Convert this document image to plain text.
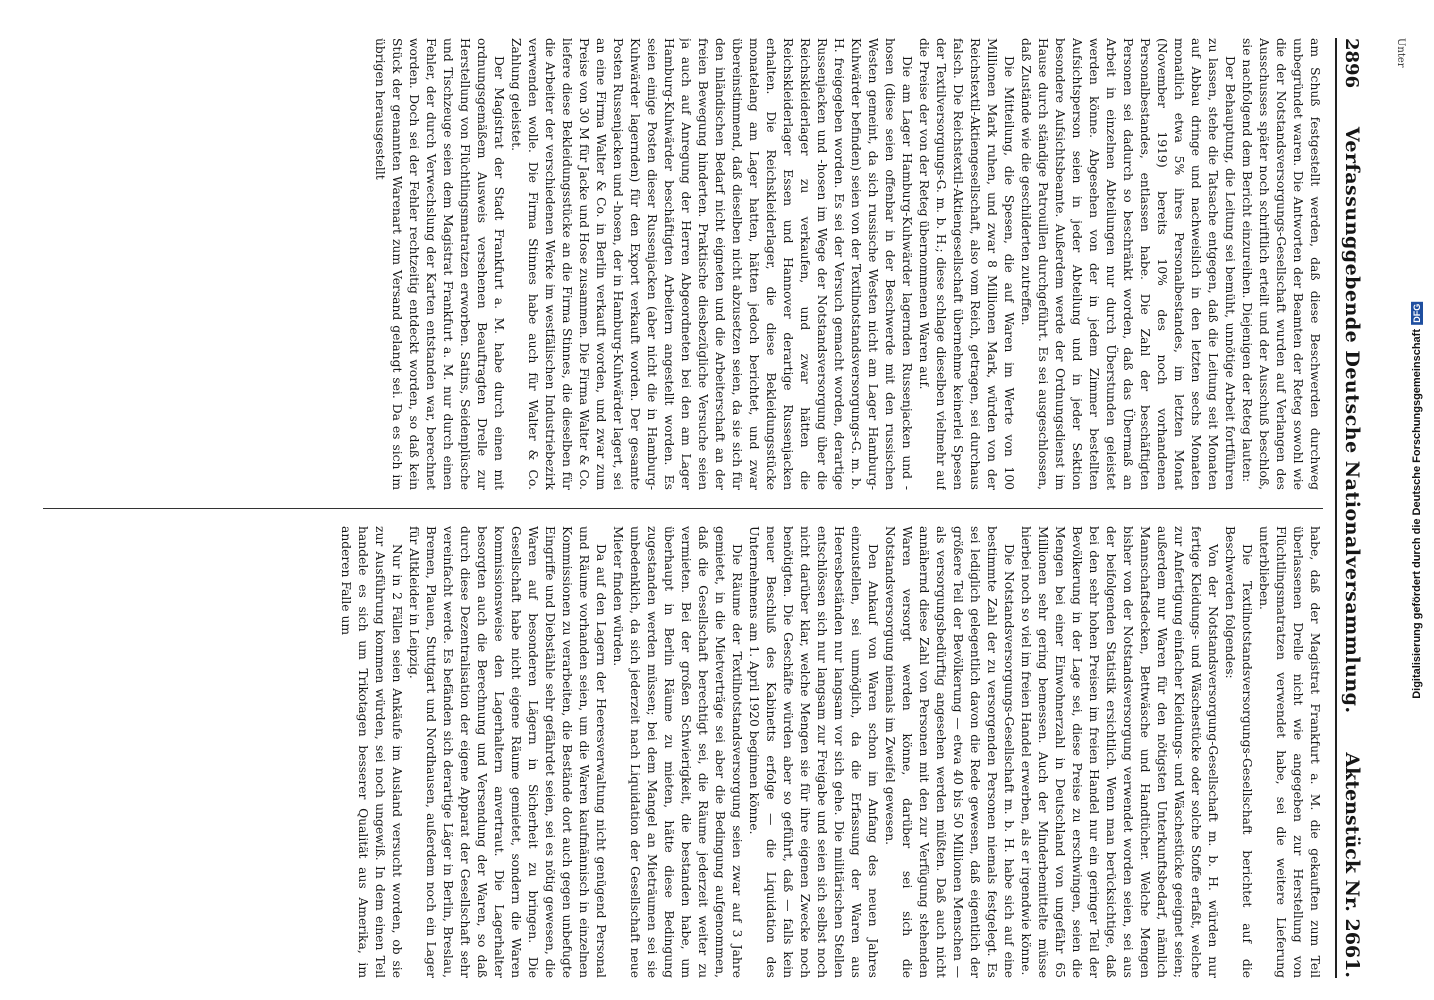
2896
Verfassunggebende Deutsche Nationalversammlung.
Aktenstück Nr. 2661.

am Schuß festgestellt werden, daß diese Beschwerden durchweg unbegründet waren. Die Antworten der Beamten der Reteg sowohl wie die der Notstandsversorgungs-Gesellschaft wurden auf Verlangen des Ausschusses später noch schriftlich erteilt und der Ausschuß beschloß, sie nachfolgend dem Bericht einzureihen. Diejenigen der Reteg lauten:

Der Behauptung, die Leitung sei bemüht, unnötige Arbeit fortführen zu lassen, stehe die Tatsache entgegen, daß die Leitung seit Monaten auf Abbau dringe und nachweislich in den letzten sechs Monaten monatlich etwa 5% ihres Personalbestandes, im letzten Monat (November 1919) bereits 10% des noch vorhandenen Personalbestandes, entlassen habe. Die Zahl der beschäftigten Personen sei dadurch so beschränkt worden, daß das Übermaß an Arbeit in einzelnen Abteilungen nur durch Überstunden geleistet werden könne. Abgesehen von der in jedem Zimmer bestellten Aufsichtsperson seien in jeder Abteilung und in jeder Sektion besondere Aufsichtsbeamte. Außerdem werde der Ordnungsdienst im Hause durch ständige Patrouillen durchgeführt. Es sei ausgeschlossen, daß Zustände wie die geschilderten zutreffen.

Die Mitteilung, die Spesen, die auf Waren im Werte von 100 Millionen Mark ruhen, und zwar 8 Millionen Mark, würden von der Reichstextil-Aktiengesellschaft, also vom Reich, getragen, sei durchaus falsch. Die Reichstextil-Aktiengesellschaft übernehme keinerlei Spesen der Textilversorgungs-G. m. b. H.; diese schlage dieselben vielmehr auf die Preise der von der Reteg übernommenen Waren auf.

Die am Lager Hamburg-Kuhwärder lagernden Russenjacken und -hosen (diese seien offenbar in der Beschwerde mit den russischen Westen gemeint, da sich russische Westen nicht am Lager Hamburg-Kuhwärder befinden) seien von der Textilnotstandsversorgungs-G. m. b. H. freigegeben worden. Es sei der Versuch gemacht worden, derartige Russenjacken und -hosen im Wege der Notstandsversorgung über die Reichskleiderlager zu verkaufen, und zwar hätten die Reichskleiderlager Essen und Hannover derartige Russenjacken erhalten. Die Reichskleiderlager, die diese Bekleidungsstücke monatelang am Lager hatten, hätten jedoch berichtet, und zwar übereinstimmend, daß dieselben nicht abzusetzen seien, da sie sich für den inländischen Bedarf nicht eigneten und die Arbeiterschaft an der freien Bewegung hinderten. Praktische diesbezügliche Versuche seien ja auch auf Anregung der Herren Abgeordneten bei den am Lager Hamburg-Kuhwärder beschäftigten Arbeitern angestellt worden. Es seien einige Posten dieser Russenjacken (aber nicht die in Hamburg-Kuhwärder lagernden) für den Export verkauft worden. Der gesamte Posten Russenjacken und -hosen, der in Hamburg-Kuhwärder lagert, sei an eine Firma Walter & Co. in Berlin verkauft worden, und zwar zum Preise von 30 M für Jacke und Hose zusammen. Die Firma Walter & Co. liefere diese Bekleidungsstücke an die Firma Stinnes, die dieselben für die Arbeiter der verschiedenen Werke im westfälischen Industriebezirk verwenden wolle. Die Firma Stinnes habe auch für Walter & Co. Zahlung geleistet.

Der Magistrat der Stadt Frankfurt a. M. habe durch einen mit ordnungsgemäßem Ausweis versehenen Beauftragten Drelle zur Herstellung von Flüchtlingsmatratzen erworben. Satins, Seidenplüsche und Tischzeuge seien dem Magistrat Frankfurt a. M. nur durch einen Fehler, der durch Verwechslung der Karten entstanden war, berechnet worden. Doch sei der Fehler rechtzeitig entdeckt worden, so daß kein Stück der genannten Warenart zum Versand gelangt sei. Da es sich im übrigen herausgestellt

habe, daß der Magistrat Frankfurt a. M. die gekauften zum Teil überlassenen Drelle nicht wie angegeben zur Herstellung von Flüchtlingsmatratzen verwendet habe, sei die weitere Lieferung unterblieben.

Die Textilnotstandsversorgungs-Gesellschaft berichtet auf die Beschwerden folgendes:

Von der Notstandsversorgung-Gesellschaft m. b. H. würden nur fertige Kleidungs- und Wäschestücke oder solche Stoffe erfaßt, welche zur Anfertigung einfacher Kleidungs- und Wäschestücke geeignet seien; außerdem nur Waren für den nötigsten Unterkunftsbedarf, nämlich Mannschaftsdecken, Bettwäsche und Handtücher. Welche Mengen bisher von der Notstandsversorgung verwendet worden seien, sei aus der beifolgenden Statistik ersichtlich. Wenn man berücksichtige, daß bei den sehr hohen Preisen im freien Handel nur ein geringer Teil der Bevölkerung in der Lage sei, diese Preise zu erschwingen, seien die Mengen bei einer Einwohnerzahl in Deutschland von ungefähr 65 Millionen sehr gering bemessen. Auch der Minderbemittelte müsse hierbei noch so viel im freien Handel erwerben, als er irgendwie könne.

Die Notstandsversorgungs-Gesellschaft m. b. H. habe sich auf eine bestimmte Zahl der zu versorgenden Personen niemals festgelegt. Es sei lediglich gelegentlich davon die Rede gewesen, daß eigentlich der größere Teil der Bevölkerung — etwa 40 bis 50 Millionen Menschen — als versorgungsbedürftig angesehen werden müßten. Daß auch nicht annähernd diese Zahl von Personen mit den zur Verfügung stehenden Waren versorgt werden könne, darüber sei sich die Notstandsversorgung niemals im Zweifel gewesen.

Den Ankauf von Waren schon im Anfang des neuen Jahres einzustellen, sei unmöglich, da die Erfassung der Waren aus Heeresbeständen nur langsam vor sich gehe. Die militärischen Stellen entschlössen sich nur langsam zur Freigabe und seien sich selbst noch nicht darüber klar, welche Mengen sie für ihre eigenen Zwecke noch benötigten. Die Geschäfte würden aber so geführt, daß — falls kein neuer Beschluß des Kabinetts erfolge — die Liquidation des Unternehmens am 1. April 1920 beginnen könne.

Die Räume der Textilnotstandsversorgung seien zwar auf 3 Jahre gemietet, in die Mietverträge sei aber die Bedingung aufgenommen, daß die Gesellschaft berechtigt sei, die Räume jederzeit weiter zu vermieten. Bei der großen Schwierigkeit, die bestanden habe, um überhaupt in Berlin Räume zu mieten, hätte diese Bedingung zugestanden werden müssen; bei dem Mangel an Mieträumen sei sie unbedenklich, da sich jederzeit nach Liquidation der Gesellschaft neue Mieter finden würden.

Da auf den Lagern der Heeresverwaltung nicht genügend Personal und Räume vorhanden seien, um die Waren kaufmännisch in einzelnen Kommissionen zu verarbeiten, die Bestände dort auch gegen unbefugte Eingriffe und Diebstähle sehr gefährdet seien, sei es nötig gewesen, die Waren auf besonderen Lägern in Sicherheit zu bringen. Die Gesellschaft habe nicht eigene Räume gemietet, sondern die Waren kommissionsweise den Lagerhaltern anvertraut. Die Lagerhalter besorgten auch die Berechnung und Versendung der Waren, so daß durch diese Dezentralisation der eigene Apparat der Gesellschaft sehr vereinfacht werde. Es befänden sich derartige Läger in Berlin, Breslau, Bremen, Plauen, Stuttgart und Nordhausen, außerdem noch ein Lager für Altkleider in Leipzig.

Nur in 2 Fällen seien Ankäufe im Ausland versucht worden, ob sie zur Ausführung kommen würden, sei noch ungewiß. In dem einen Teil handele es sich um Trikotagen besserer Qualität aus Amerika, im anderen Falle um

Unter
Digitalisierung gefördert durch die Deutsche Forschungsgemeinschaft
DFG
